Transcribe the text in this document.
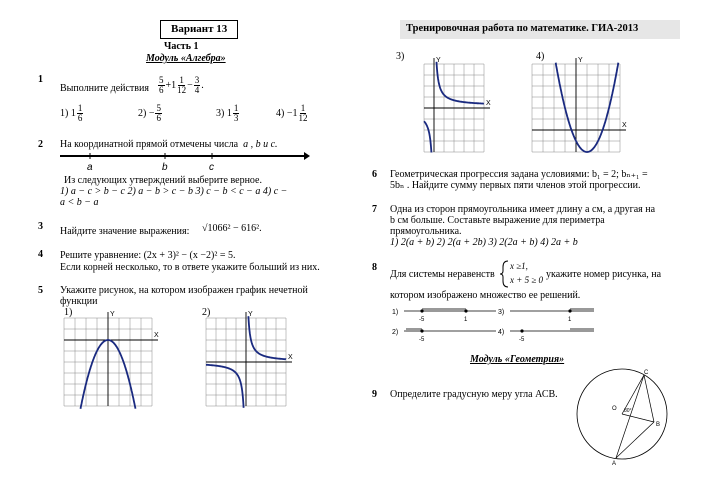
Вариант 13
Часть 1
Модуль «Алгебра»
1
Выполните действия $\frac{5}{6} +1 \frac{1}{12} - \frac{3}{4}$ .
1)
$1 \frac{1}{6}$	2)
− $\frac{5}{6}$	3)
$1 \frac{1}{3}$	4)
$-1 \frac{1}{12}$
2 На координатной прямой отмечены числа a , b и c.
a	b	c
Из следующих утверждений выберите верное.
1) a − c > b − c 2) a − b > c − b 3) c − b < c − a 4) c −
a < b − a
3 Найдите значение выражения: √1066² − 616².
4 Решите уравнение: (2x + 3)² − (x −2)² = 5.
Если корней несколько, то в ответе укажите больший из них.
5 Укажите рисунок, на котором изображен график нечетной
функции
1)	2)
X
Y
X
Y
Тренировочная работа по математике. ГИА-2013
3)	4)
X
Y
X
Y
6 Геометрическая прогрессия задана условиями: b₁ = 2; bₙ₊₁ =
5bₙ . Найдите сумму первых пяти членов этой прогрессии.
7 Одна из сторон прямоугольника имеет длину a см, а другая на
b см больше. Составьте выражение для периметра
прямоугольника.
1) 2(a + b) 2) 2(a + 2b) 3) 2(2a + b) 4) 2a + b
8
Для системы неравенств
x ≥1,
x + 5 ≥ 0 укажите номер рисунка, на
котором изображено множество ее решений.
1)
-5	1
2)
-5
3)
1
4)
-5
Модуль «Геометрия»
9 Определите градусную меру угла АСВ.
O
C
B
A
80°
